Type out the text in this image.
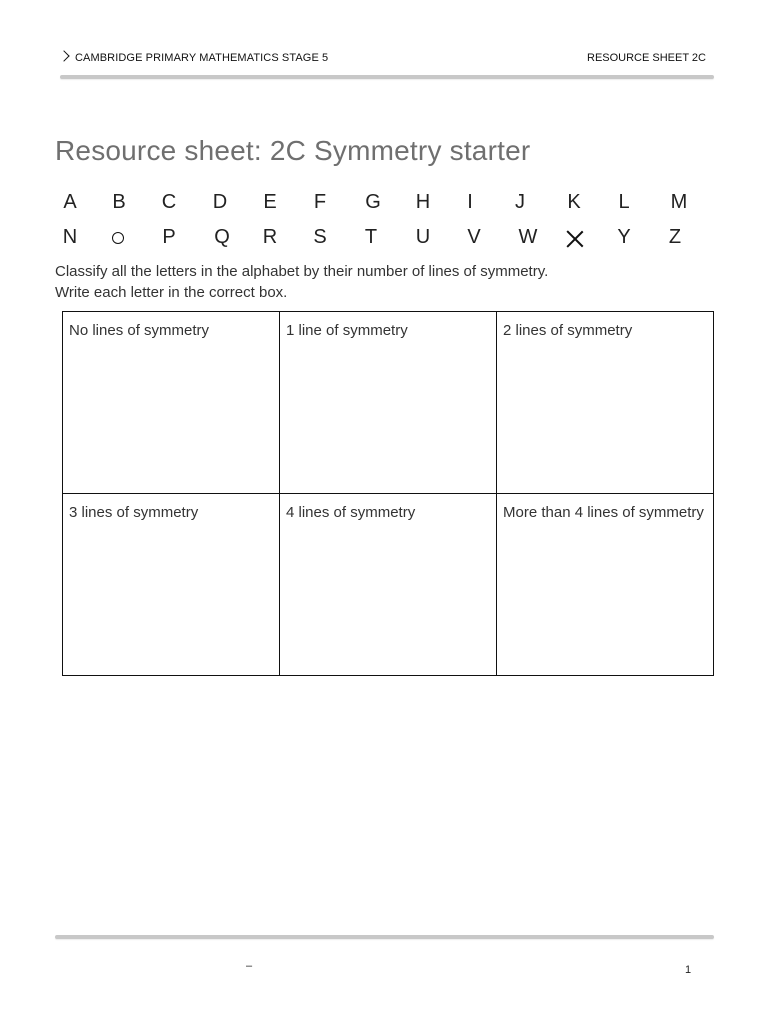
CAMBRIDGE PRIMARY MATHEMATICS STAGE 5	RESOURCE SHEET 2C
Resource sheet: 2C Symmetry starter
A	B	C	D	E	F	G	H	I	J	K	L	M
N	P	Q	R	S	T	U	V	W	Y	Z
Classify all the letters in the alphabet by their number of lines of symmetry.
Write each letter in the correct box.
No lines of symmetry	1 line of symmetry	2 lines of symmetry
3 lines of symmetry	4 lines of symmetry	More than 4 lines of symmetry
–	1
